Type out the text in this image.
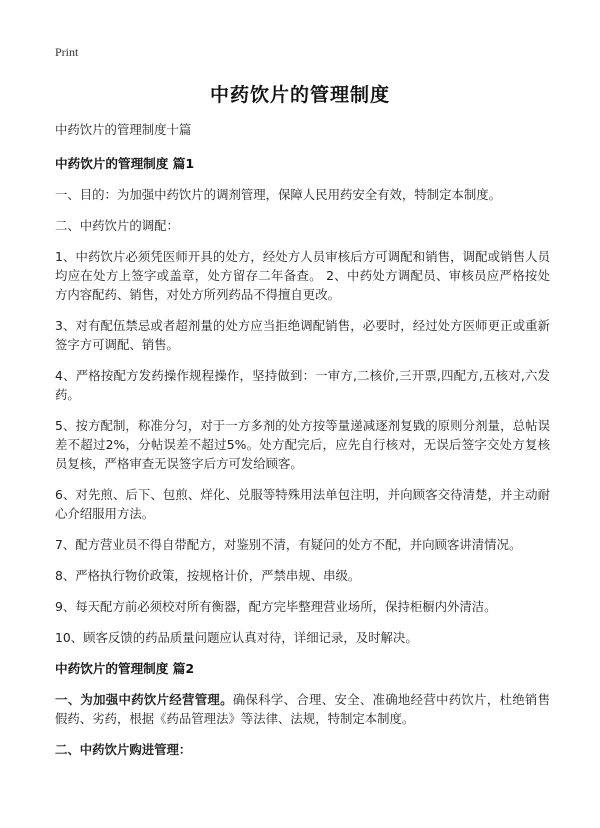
Print
中药饮片的管理制度
中药饮片的管理制度十篇
中药饮片的管理制度 篇1
一、目的：为加强中药饮片的调剂管理，保障人民用药安全有效，特制定本制度。
二、中药饮片的调配：
1、中药饮片必须凭医师开具的处方，经处方人员审核后方可调配和销售，调配或销售人员均应在处方上签字或盖章，处方留存二年备查。 2、中药处方调配员、审核员应严格按处方内容配药、销售，对处方所列药品不得擅自更改。
3、对有配伍禁忌或者超剂量的处方应当拒绝调配销售，必要时，经过处方医师更正或重新签字方可调配、销售。
4、严格按配方发药操作规程操作，坚持做到：一审方,二核价,三开票,四配方,五核对,六发药。
5、按方配制，称准分匀，对于一方多剂的处方按等量递减逐剂复戥的原则分剂量，总帖误差不超过2%，分帖误差不超过5%。处方配完后，应先自行核对，无误后签字交处方复核员复核，严格审查无误签字后方可发给顾客。
6、对先煎、后下、包煎、烊化、兑服等特殊用法单包注明，并向顾客交待清楚，并主动耐心介绍服用方法。
7、配方营业员不得自带配方，对鉴别不清，有疑问的处方不配，并向顾客讲清情况。
8、严格执行物价政策，按规格计价，严禁串规、串级。
9、每天配方前必须校对所有衡器，配方完毕整理营业场所，保持柜橱内外清洁。
10、顾客反馈的药品质量问题应认真对待，详细记录，及时解决。
中药饮片的管理制度 篇2
一、为加强中药饮片经营管理。确保科学、合理、安全、准确地经营中药饮片，杜绝销售假药、劣药，根据《药品管理法》等法律、法规，特制定本制度。
二、中药饮片购进管理：
